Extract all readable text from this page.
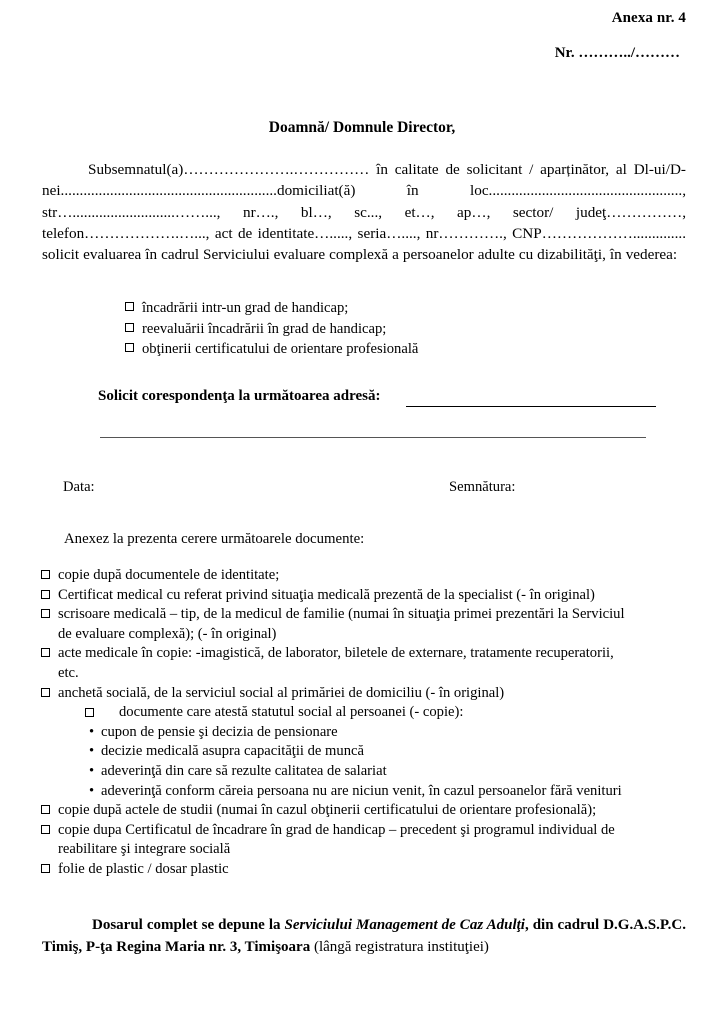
Anexa nr. 4
Nr. ………../………
Doamnă/ Domnule Director,
Subsemnatul(a)………………….…………… în calitate de solicitant / aparținător, al Dl-ui/D-nei.........................................................domiciliat(ă) în loc..................................................., str…...........................……..., nr…., bl…, sc..., et…, ap…, sector/ judeţ……………, telefon……………….…..., act de identitate…....., seria…...., nr…………., CNP……………….............. solicit evaluarea în cadrul Serviciului evaluare complexă a persoanelor adulte cu dizabilităţi, în vederea:
încadrării intr-un grad de handicap;
reevaluării încadrării în grad de handicap;
obţinerii certificatului de orientare profesională
Solicit corespondenţa la următoarea adresă:
Data:	Semnătura:
Anexez la prezenta cerere următoarele documente:
copie după documentele de identitate;
Certificat medical cu referat privind situaţia medicală prezentă de la specialist (- în original)
scrisoare medicală – tip, de la medicul de familie (numai în situaţia primei prezentări la Serviciul
de evaluare complexă); (- în original)
acte medicale în copie: -imagistică, de laborator, biletele de externare, tratamente recuperatorii,
etc.
anchetă socială, de la serviciul social al primăriei de domiciliu (- în original)
documente care atestă statutul social al persoanei (- copie):
• cupon de pensie şi decizia de pensionare
• decizie medicală asupra capacităţii de muncă
• adeverinţă din care să rezulte calitatea de salariat
• adeverinţă conform căreia persoana nu are niciun venit, în cazul persoanelor fără venituri
copie după actele de studii (numai în cazul obţinerii certificatului de orientare profesională);
copie dupa Certificatul de încadrare în grad de handicap – precedent şi programul individual de
reabilitare şi integrare socială
folie de plastic / dosar plastic
Dosarul complet se depune la Serviciului Management de Caz Adulţi, din cadrul D.G.A.S.P.C. Timiş, P-ţa Regina Maria nr. 3, Timişoara (lângă registratura instituţiei)
